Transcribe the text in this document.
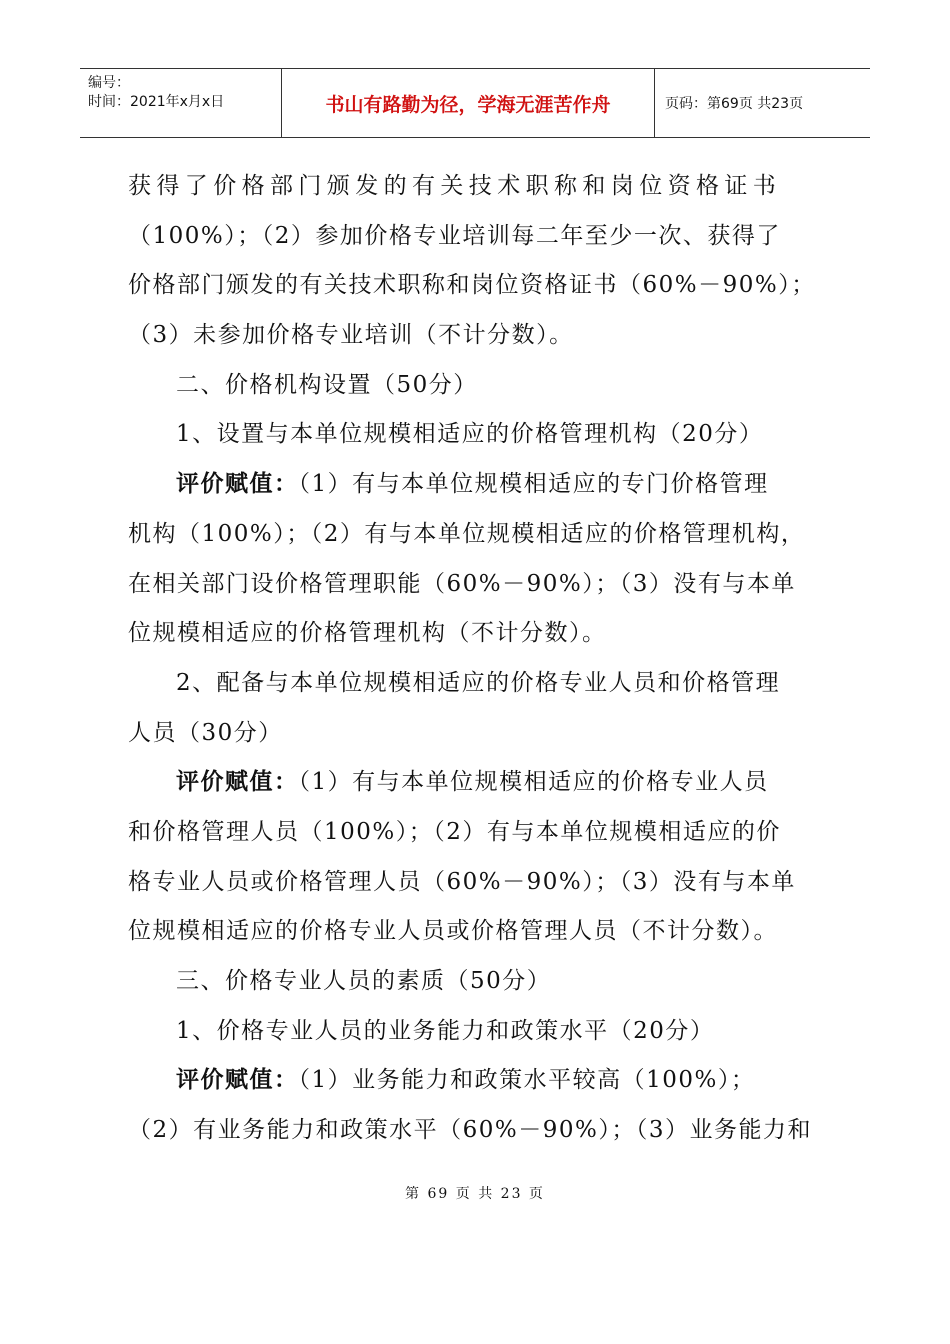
编号：
时间：2021年x月x日	书山有路勤为径，学海无涯苦作舟	页码：第69页 共23页
获得了价格部门颁发的有关技术职称和岗位资格证书
（100%）；（2）参加价格专业培训每二年至少一次、获得了
价格部门颁发的有关技术职称和岗位资格证书（60%－90%）；
（3）未参加价格专业培训（不计分数）。
二、价格机构设置（50分）
1、设置与本单位规模相适应的价格管理机构（20分）
评价赋值：（1）有与本单位规模相适应的专门价格管理
机构（100%）；（2）有与本单位规模相适应的价格管理机构，
在相关部门设价格管理职能（60%－90%）；（3）没有与本单
位规模相适应的价格管理机构（不计分数）。
2、配备与本单位规模相适应的价格专业人员和价格管理
人员（30分）
评价赋值：（1）有与本单位规模相适应的价格专业人员
和价格管理人员（100%）；（2）有与本单位规模相适应的价
格专业人员或价格管理人员（60%－90%）；（3）没有与本单
位规模相适应的价格专业人员或价格管理人员（不计分数）。
三、价格专业人员的素质（50分）
1、价格专业人员的业务能力和政策水平（20分）
评价赋值：（1）业务能力和政策水平较高（100%）；
（2）有业务能力和政策水平（60%－90%）；（3）业务能力和
第 69 页 共 23 页
